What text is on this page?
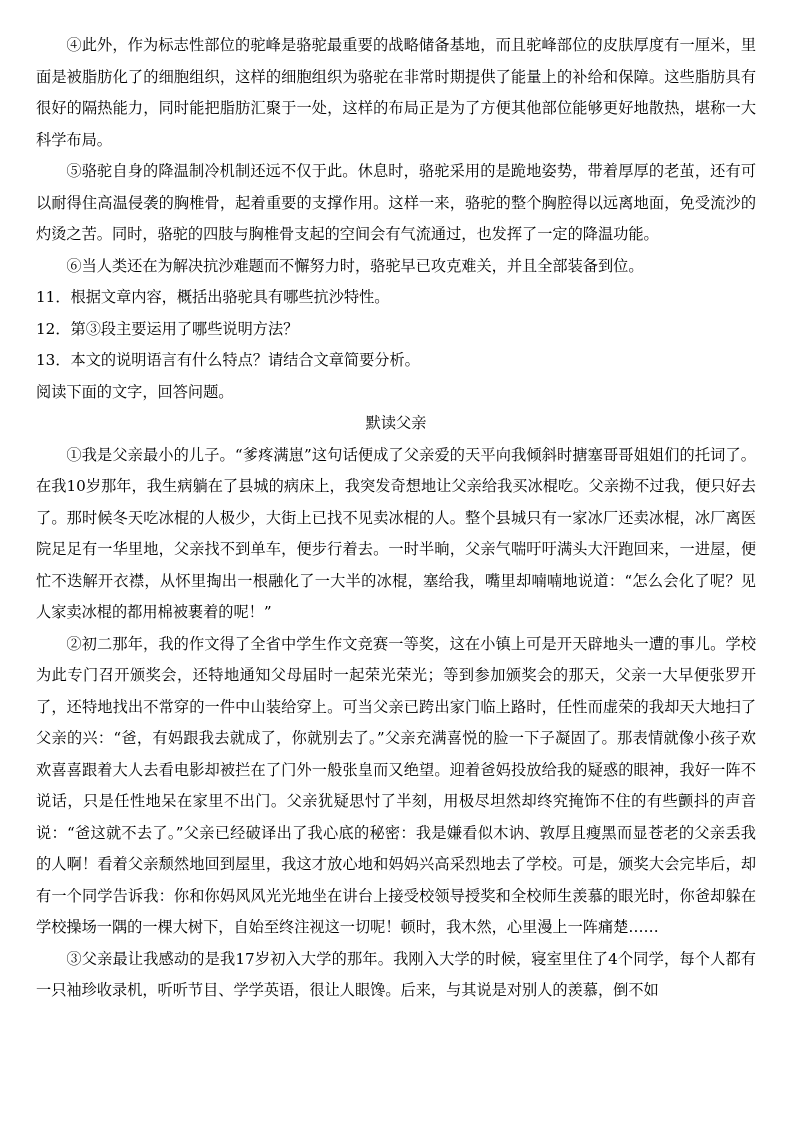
④此外，作为标志性部位的驼峰是骆驼最重要的战略储备基地，而且驼峰部位的皮肤厚度有一厘米，里面是被脂肪化了的细胞组织，这样的细胞组织为骆驼在非常时期提供了能量上的补给和保障。这些脂肪具有很好的隔热能力，同时能把脂肪汇聚于一处，这样的布局正是为了方便其他部位能够更好地散热，堪称一大科学布局。

⑤骆驼自身的降温制冷机制还远不仅于此。休息时，骆驼采用的是跪地姿势，带着厚厚的老茧，还有可以耐得住高温侵袭的胸椎骨，起着重要的支撑作用。这样一来，骆驼的整个胸腔得以远离地面，免受流沙的灼烫之苦。同时，骆驼的四肢与胸椎骨支起的空间会有气流通过，也发挥了一定的降温功能。

⑥当人类还在为解决抗沙难题而不懈努力时，骆驼早已攻克难关，并且全部装备到位。

11．根据文章内容，概括出骆驼具有哪些抗沙特性。

12．第③段主要运用了哪些说明方法？

13．本文的说明语言有什么特点？请结合文章简要分析。

阅读下面的文字，回答问题。

默读父亲

①我是父亲最小的儿子。“爹疼满崽”这句话便成了父亲爱的天平向我倾斜时搪塞哥哥姐姐们的托词了。在我10岁那年，我生病躺在了县城的病床上，我突发奇想地让父亲给我买冰棍吃。父亲拗不过我，便只好去了。那时候冬天吃冰棍的人极少，大街上已找不见卖冰棍的人。整个县城只有一家冰厂还卖冰棍，冰厂离医院足足有一华里地，父亲找不到单车，便步行着去。一时半晌，父亲气喘吁吁满头大汗跑回来，一进屋，便忙不迭解开衣襟，从怀里掏出一根融化了一大半的冰棍，塞给我，嘴里却喃喃地说道：“怎么会化了呢？见人家卖冰棍的都用棉被裹着的呢！”

②初二那年，我的作文得了全省中学生作文竞赛一等奖，这在小镇上可是开天辟地头一遭的事儿。学校为此专门召开颁奖会，还特地通知父母届时一起荣光荣光；等到参加颁奖会的那天，父亲一大早便张罗开了，还特地找出不常穿的一件中山装给穿上。可当父亲已跨出家门临上路时，任性而虚荣的我却天大地扫了父亲的兴：“爸，有妈跟我去就成了，你就别去了。”父亲充满喜悦的脸一下子凝固了。那表情就像小孩子欢欢喜喜跟着大人去看电影却被拦在了门外一般张皇而又绝望。迎着爸妈投放给我的疑惑的眼神，我好一阵不说话，只是任性地呆在家里不出门。父亲犹疑思忖了半刻，用极尽坦然却终究掩饰不住的有些颤抖的声音说：“爸这就不去了。”父亲已经破译出了我心底的秘密：我是嫌看似木讷、敦厚且瘦黑而显苍老的父亲丢我的人啊！看着父亲颓然地回到屋里，我这才放心地和妈妈兴高采烈地去了学校。可是，颁奖大会完毕后，却有一个同学告诉我：你和你妈风风光光地坐在讲台上接受校领导授奖和全校师生羡慕的眼光时，你爸却躲在学校操场一隅的一棵大树下，自始至终注视这一切呢！顿时，我木然，心里漫上一阵痛楚……

③父亲最让我感动的是我17岁初入大学的那年。我刚入大学的时候，寝室里住了4个同学，每个人都有一只袖珍收录机，听听节目、学学英语，很让人眼馋。后来，与其说是对别人的羡慕，倒不如
